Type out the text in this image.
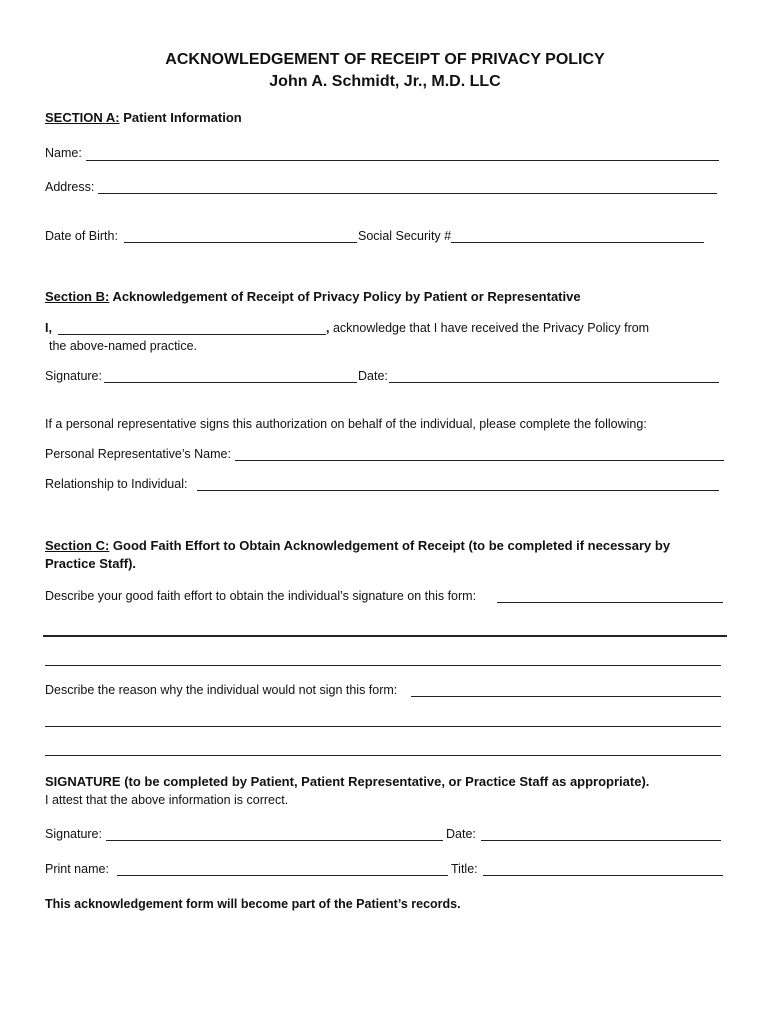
ACKNOWLEDGEMENT OF RECEIPT OF PRIVACY POLICY
John A. Schmidt, Jr., M.D. LLC
SECTION A: Patient Information
Name:
Address:
Date of Birth:	Social Security #
Section B: Acknowledgement of Receipt of Privacy Policy by Patient or Representative
I,	, acknowledge that I have received the Privacy Policy from
the above-named practice.
Signature:	Date:
If a personal representative signs this authorization on behalf of the individual, please complete the following:
Personal Representative’s Name:
Relationship to Individual:
Section C: Good Faith Effort to Obtain Acknowledgement of Receipt (to be completed if necessary by
Practice Staff).
Describe your good faith effort to obtain the individual’s signature on this form:
Describe the reason why the individual would not sign this form:
SIGNATURE (to be completed by Patient, Patient Representative, or Practice Staff as appropriate).
I attest that the above information is correct.
Signature:	Date:
Print name:	Title:
This acknowledgement form will become part of the Patient’s records.
